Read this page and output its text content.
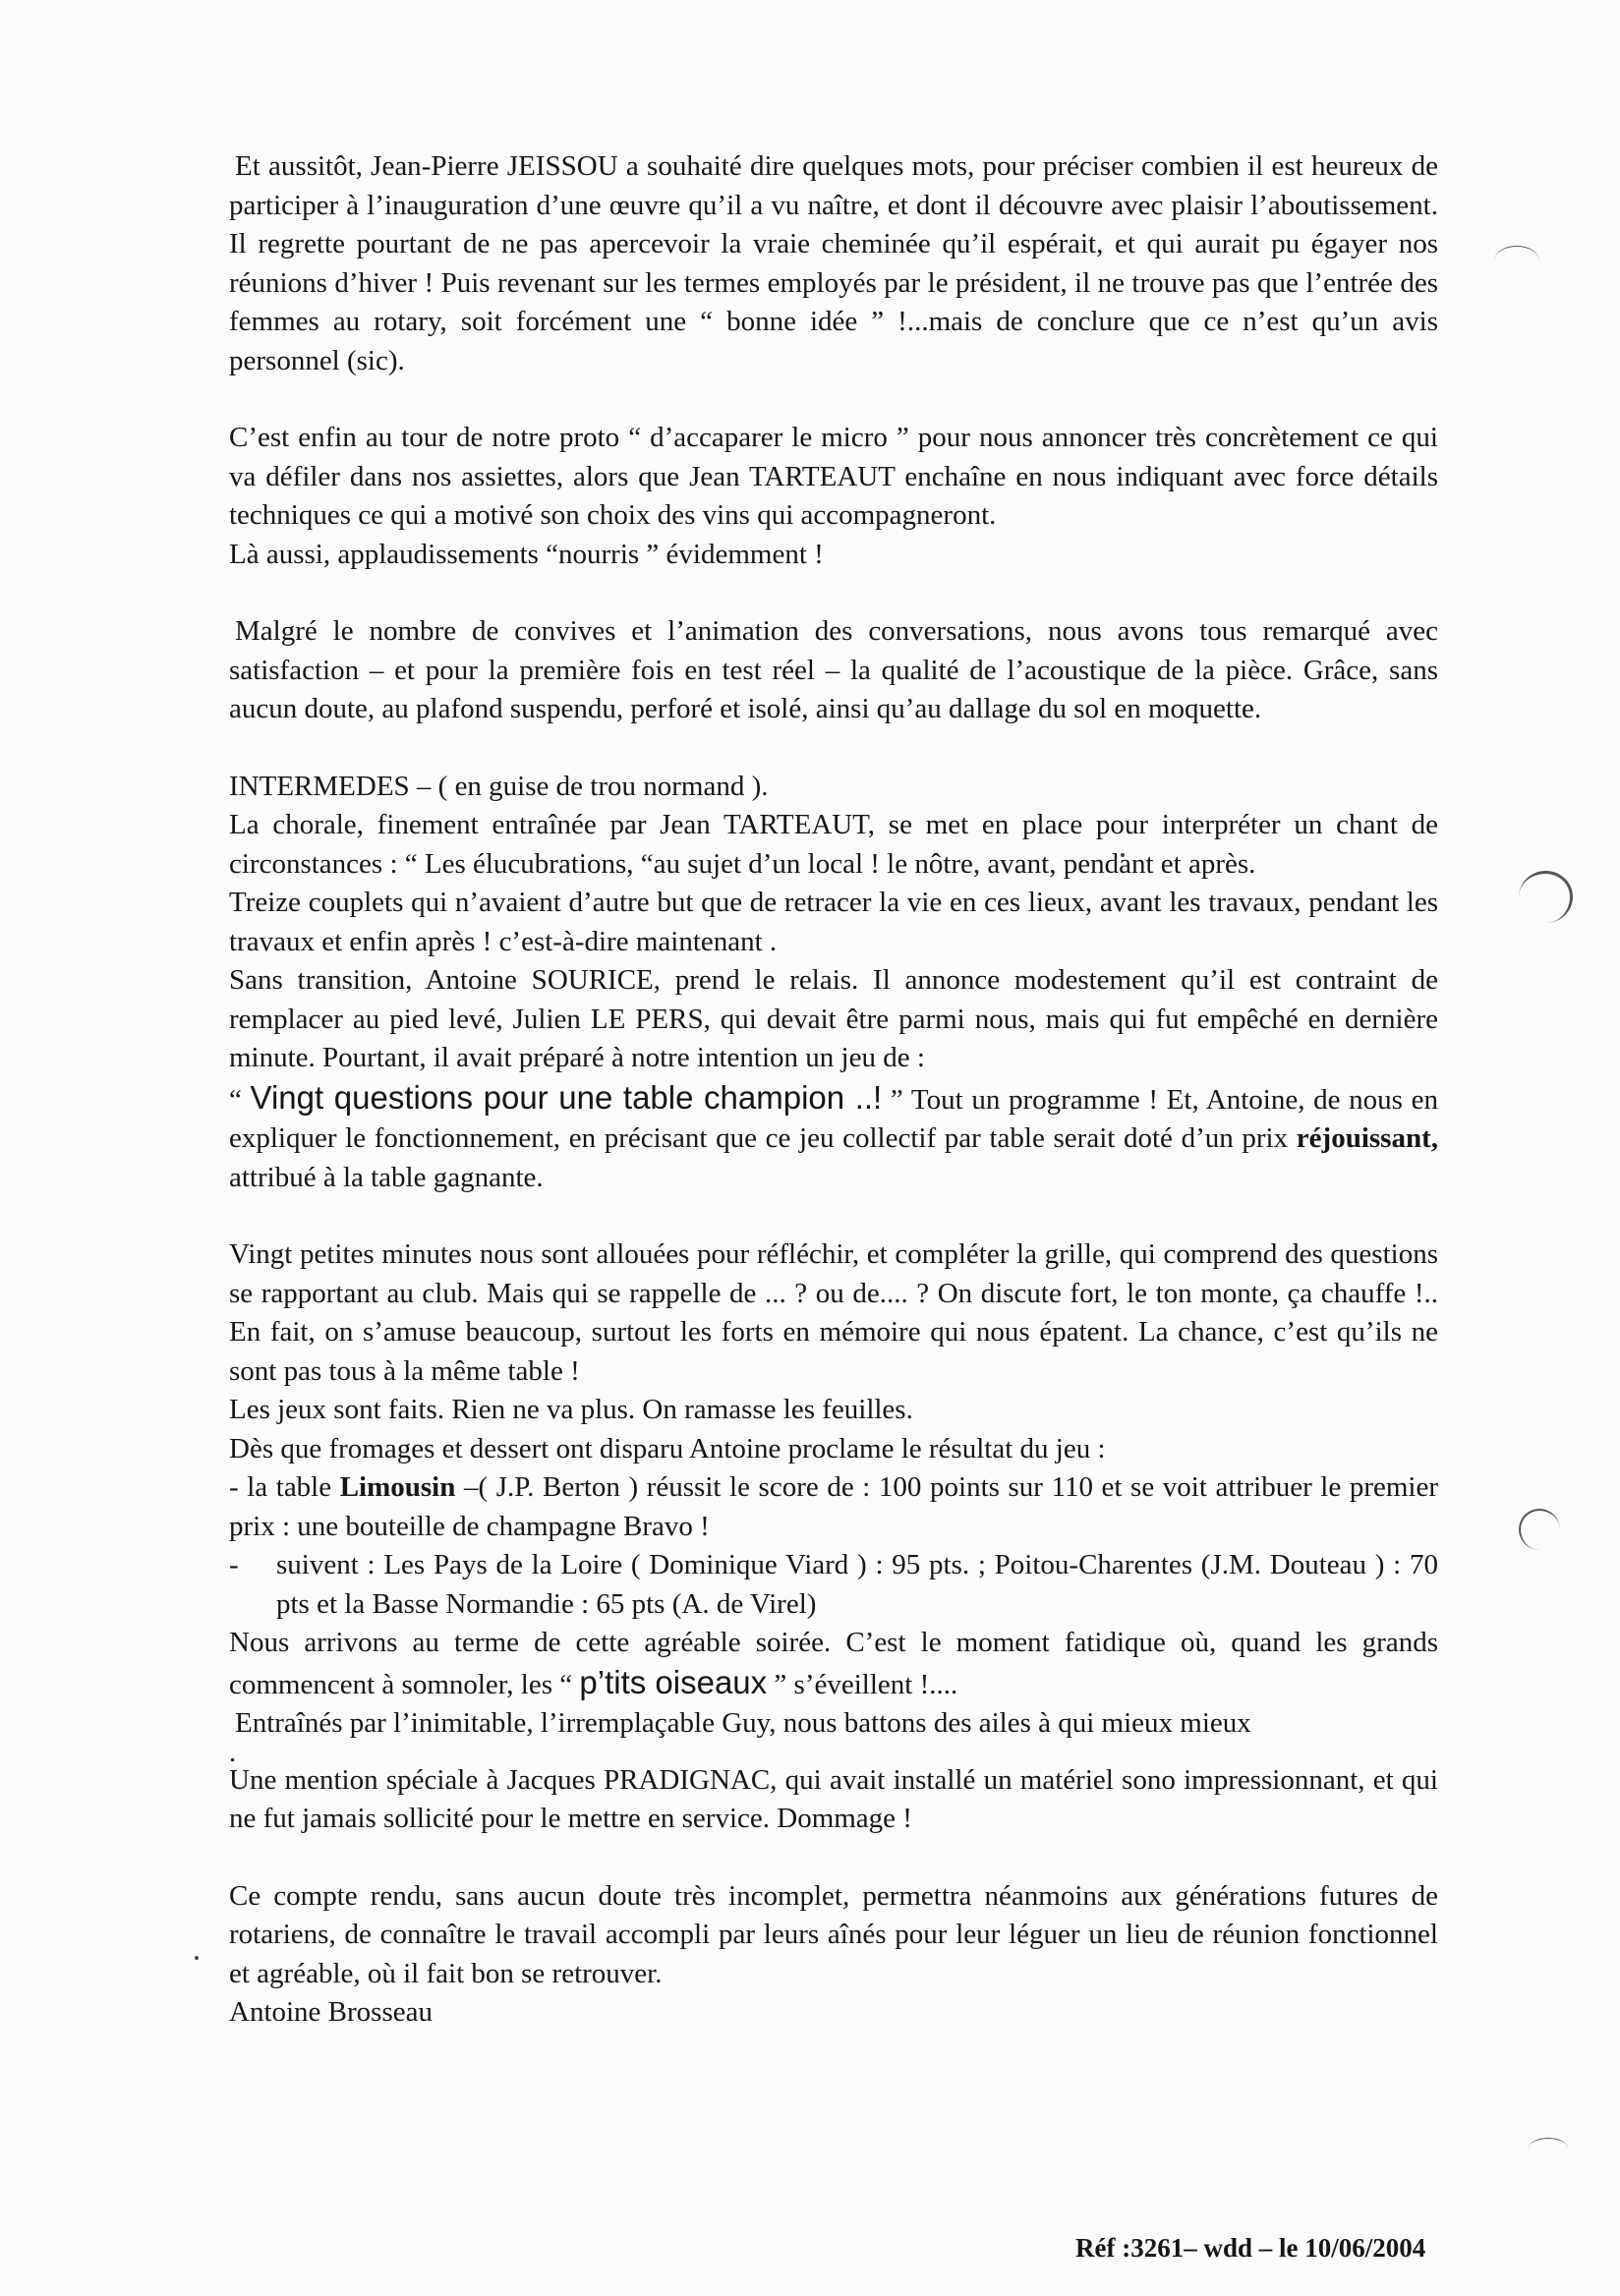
Et aussitôt, Jean-Pierre JEISSOU a souhaité dire quelques mots, pour préciser combien il est heureux de participer à l’inauguration d’une œuvre qu’il a vu naître, et dont il découvre avec plaisir l’aboutissement. Il regrette pourtant de ne pas apercevoir la vraie cheminée qu’il espérait, et qui aurait pu égayer nos réunions d’hiver ! Puis revenant sur les termes employés par le président, il ne trouve pas que l’entrée des femmes au rotary, soit forcément une “ bonne idée ” !...mais de conclure que ce n’est qu’un avis personnel (sic).

C’est enfin au tour de notre proto “ d’accaparer le micro ” pour nous annoncer très concrètement ce qui va défiler dans nos assiettes, alors que Jean TARTEAUT enchaîne en nous indiquant avec force détails techniques ce qui a motivé son choix des vins qui accompagneront.

Là aussi, applaudissements “nourris ” évidemment !

Malgré le nombre de convives et l’animation des conversations, nous avons tous remarqué avec satisfaction – et pour la première fois en test réel – la qualité de l’acoustique de la pièce. Grâce, sans aucun doute, au plafond suspendu, perforé et isolé, ainsi qu’au dallage du sol en moquette.

INTERMEDES – ( en guise de trou normand ).

La chorale, finement entraînée par Jean TARTEAUT, se met en place pour interpréter un chant de circonstances : “ Les élucubrations, “au sujet d’un local ! le nôtre, avant, pendant et après.

Treize couplets qui n’avaient d’autre but que de retracer la vie en ces lieux, avant les travaux, pendant les travaux et enfin après ! c’est-à-dire maintenant .

Sans transition, Antoine SOURICE, prend le relais. Il annonce modestement qu’il est contraint de remplacer au pied levé, Julien LE PERS, qui devait être parmi nous, mais qui fut empêché en dernière minute. Pourtant, il avait préparé à notre intention un jeu de :

“ Vingt questions pour une table champion ..! ” Tout un programme ! Et, Antoine, de nous en expliquer le fonctionnement, en précisant que ce jeu collectif par table serait doté d’un prix réjouissant, attribué à la table gagnante.

Vingt petites minutes nous sont allouées pour réfléchir, et compléter la grille, qui comprend des questions se rapportant au club. Mais qui se rappelle de ... ? ou de.... ? On discute fort, le ton monte, ça chauffe !.. En fait, on s’amuse beaucoup, surtout les forts en mémoire qui nous épatent. La chance, c’est qu’ils ne sont pas tous à la même table !

Les jeux sont faits. Rien ne va plus. On ramasse les feuilles.

Dès que fromages et dessert ont disparu Antoine proclame le résultat du jeu :

- la table Limousin –( J.P. Berton ) réussit le score de : 100 points sur 110 et se voit attribuer le premier prix : une bouteille de champagne Bravo !

-	suivent : Les Pays de la Loire ( Dominique Viard ) : 95 pts. ; Poitou-Charentes (J.M. Douteau ) : 70 pts et la Basse Normandie : 65 pts (A. de Virel)

Nous arrivons au terme de cette agréable soirée. C’est le moment fatidique où, quand les grands commencent à somnoler, les “ p’tits oiseaux ” s’éveillent !....

Entraînés par l’inimitable, l’irremplaçable Guy, nous battons des ailes à qui mieux mieux

.

Une mention spéciale à Jacques PRADIGNAC, qui avait installé un matériel sono impressionnant, et qui ne fut jamais sollicité pour le mettre en service. Dommage !

Ce compte rendu, sans aucun doute très incomplet, permettra néanmoins aux générations futures de rotariens, de connaître le travail accompli par leurs aînés pour leur léguer un lieu de réunion fonctionnel et agréable, où il fait bon se retrouver.

Antoine Brosseau

Réf :3261– wdd – le 10/06/2004
